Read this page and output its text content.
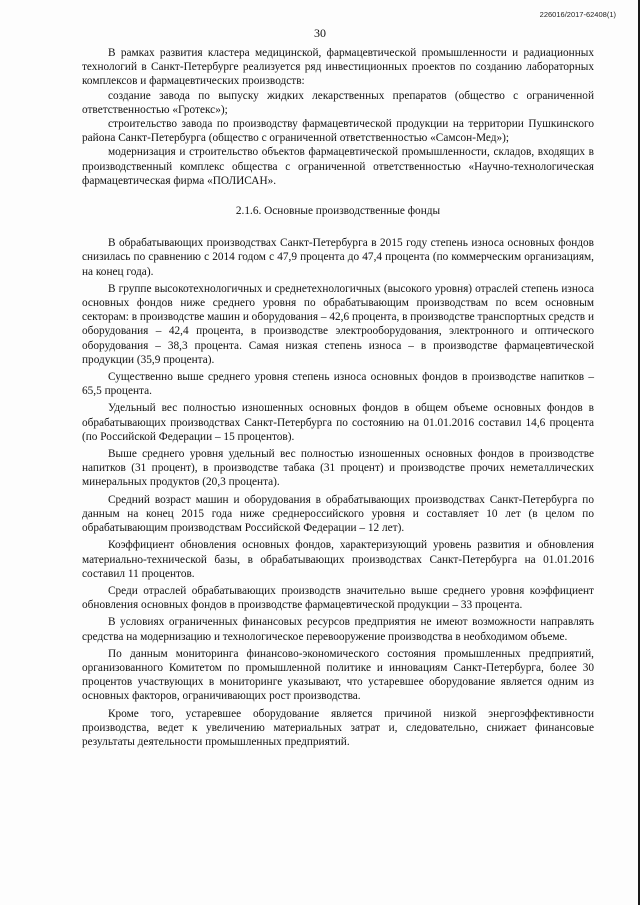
226016/2017-62408(1)
30

В рамках развития кластера медицинской, фармацевтической промышленности и радиационных технологий в Санкт-Петербурге реализуется ряд инвестиционных проектов по созданию лабораторных комплексов и фармацевтических производств:

создание завода по выпуску жидких лекарственных препаратов (общество с ограниченной ответственностью «Гротекс»);

строительство завода по производству фармацевтической продукции на территории Пушкинского района Санкт-Петербурга (общество с ограниченной ответственностью «Самсон-Мед»);

модернизация и строительство объектов фармацевтической промышленности, складов, входящих в производственный комплекс общества с ограниченной ответственностью «Научно-технологическая фармацевтическая фирма «ПОЛИСАН».

2.1.6. Основные производственные фонды

В обрабатывающих производствах Санкт-Петербурга в 2015 году степень износа основных фондов снизилась по сравнению с 2014 годом с 47,9 процента до 47,4 процента (по коммерческим организациям, на конец года).

В группе высокотехнологичных и среднетехнологичных (высокого уровня) отраслей степень износа основных фондов ниже среднего уровня по обрабатывающим производствам по всем основным секторам: в производстве машин и оборудования – 42,6 процента, в производстве транспортных средств и оборудования – 42,4 процента, в производстве электрооборудования, электронного и оптического оборудования – 38,3 процента. Самая низкая степень износа – в производстве фармацевтической продукции (35,9 процента).

Существенно выше среднего уровня степень износа основных фондов в производстве напитков – 65,5 процента.

Удельный вес полностью изношенных основных фондов в общем объеме основных фондов в обрабатывающих производствах Санкт-Петербурга по состоянию на 01.01.2016 составил 14,6 процента (по Российской Федерации – 15 процентов).

Выше среднего уровня удельный вес полностью изношенных основных фондов в производстве напитков (31 процент), в производстве табака (31 процент) и производстве прочих неметаллических минеральных продуктов (20,3 процента).

Средний возраст машин и оборудования в обрабатывающих производствах Санкт-Петербурга по данным на конец 2015 года ниже среднероссийского уровня и составляет 10 лет (в целом по обрабатывающим производствам Российской Федерации – 12 лет).

Коэффициент обновления основных фондов, характеризующий уровень развития и обновления материально-технической базы, в обрабатывающих производствах Санкт-Петербурга на 01.01.2016 составил 11 процентов.

Среди отраслей обрабатывающих производств значительно выше среднего уровня коэффициент обновления основных фондов в производстве фармацевтической продукции – 33 процента.

В условиях ограниченных финансовых ресурсов предприятия не имеют возможности направлять средства на модернизацию и технологическое перевооружение производства в необходимом объеме.

По данным мониторинга финансово-экономического состояния промышленных предприятий, организованного Комитетом по промышленной политике и инновациям Санкт-Петербурга, более 30 процентов участвующих в мониторинге указывают, что устаревшее оборудование является одним из основных факторов, ограничивающих рост производства.

Кроме того, устаревшее оборудование является причиной низкой энергоэффективности производства, ведет к увеличению материальных затрат и, следовательно, снижает финансовые результаты деятельности промышленных предприятий.
